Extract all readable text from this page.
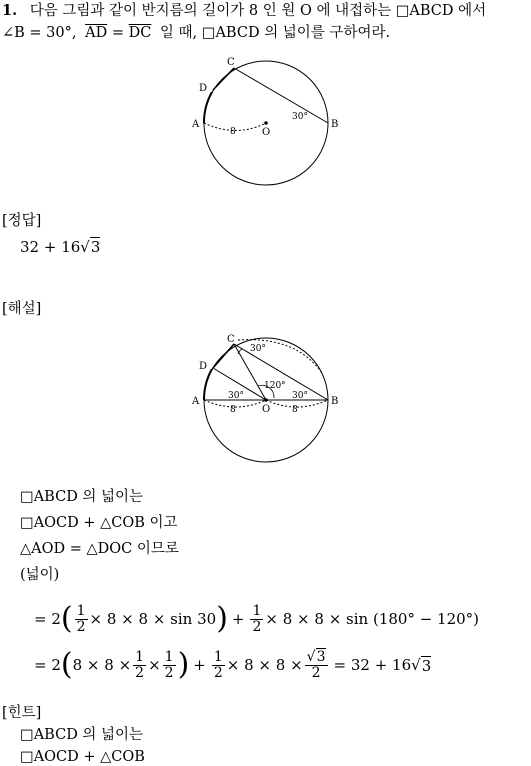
1. 다음 그림과 같이 반지름의 길이가 8 인 원 O 에 내접하는 □ABCD 에서
∠B = 30°, $\overline{AD} = \overline{DC}$ 일 때, □ABCD 의 넓이를 구하여라.
C
D
A	B
O
8
30°
[정답]
32 + 16√3
[해설]
C
D
A	B
O
30°
120°
30°	30°
8	8
□ABCD 의 넓이는
□AOCD + △COB 이고
△AOD = △DOC 이므로
(넓이)
= 2 ( $\frac{1}{2} \times 8 \times 8 \times \sin 30$ ) + $\frac{1}{2} \times 8 \times 8 \times \sin (180^\circ - 120^\circ)$
= 2 ( $8 \times 8 \times \frac{1}{2} \times \frac{1}{2}$ ) + $\frac{1}{2} \times 8 \times 8 \times \frac{√3}{2} = 32 + 16$ √ 3
[힌트]
□ABCD 의 넓이는
□AOCD + △COB
